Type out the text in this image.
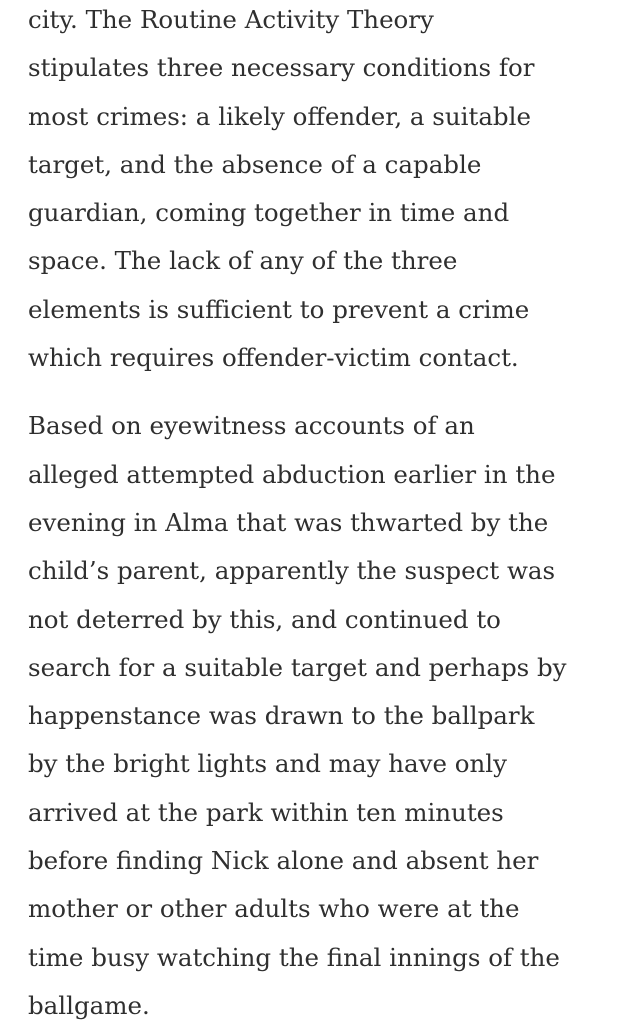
city. The Routine Activity Theory
stipulates three necessary conditions for
most crimes: a likely offender, a suitable
target, and the absence of a capable
guardian, coming together in time and
space. The lack of any of the three
elements is sufficient to prevent a crime
which requires offender-victim contact.

Based on eyewitness accounts of an
alleged attempted abduction earlier in the
evening in Alma that was thwarted by the
child’s parent, apparently the suspect was
not deterred by this, and continued to
search for a suitable target and perhaps by
happenstance was drawn to the ballpark
by the bright lights and may have only
arrived at the park within ten minutes
before finding Nick alone and absent her
mother or other adults who were at the
time busy watching the final innings of the
ballgame.
